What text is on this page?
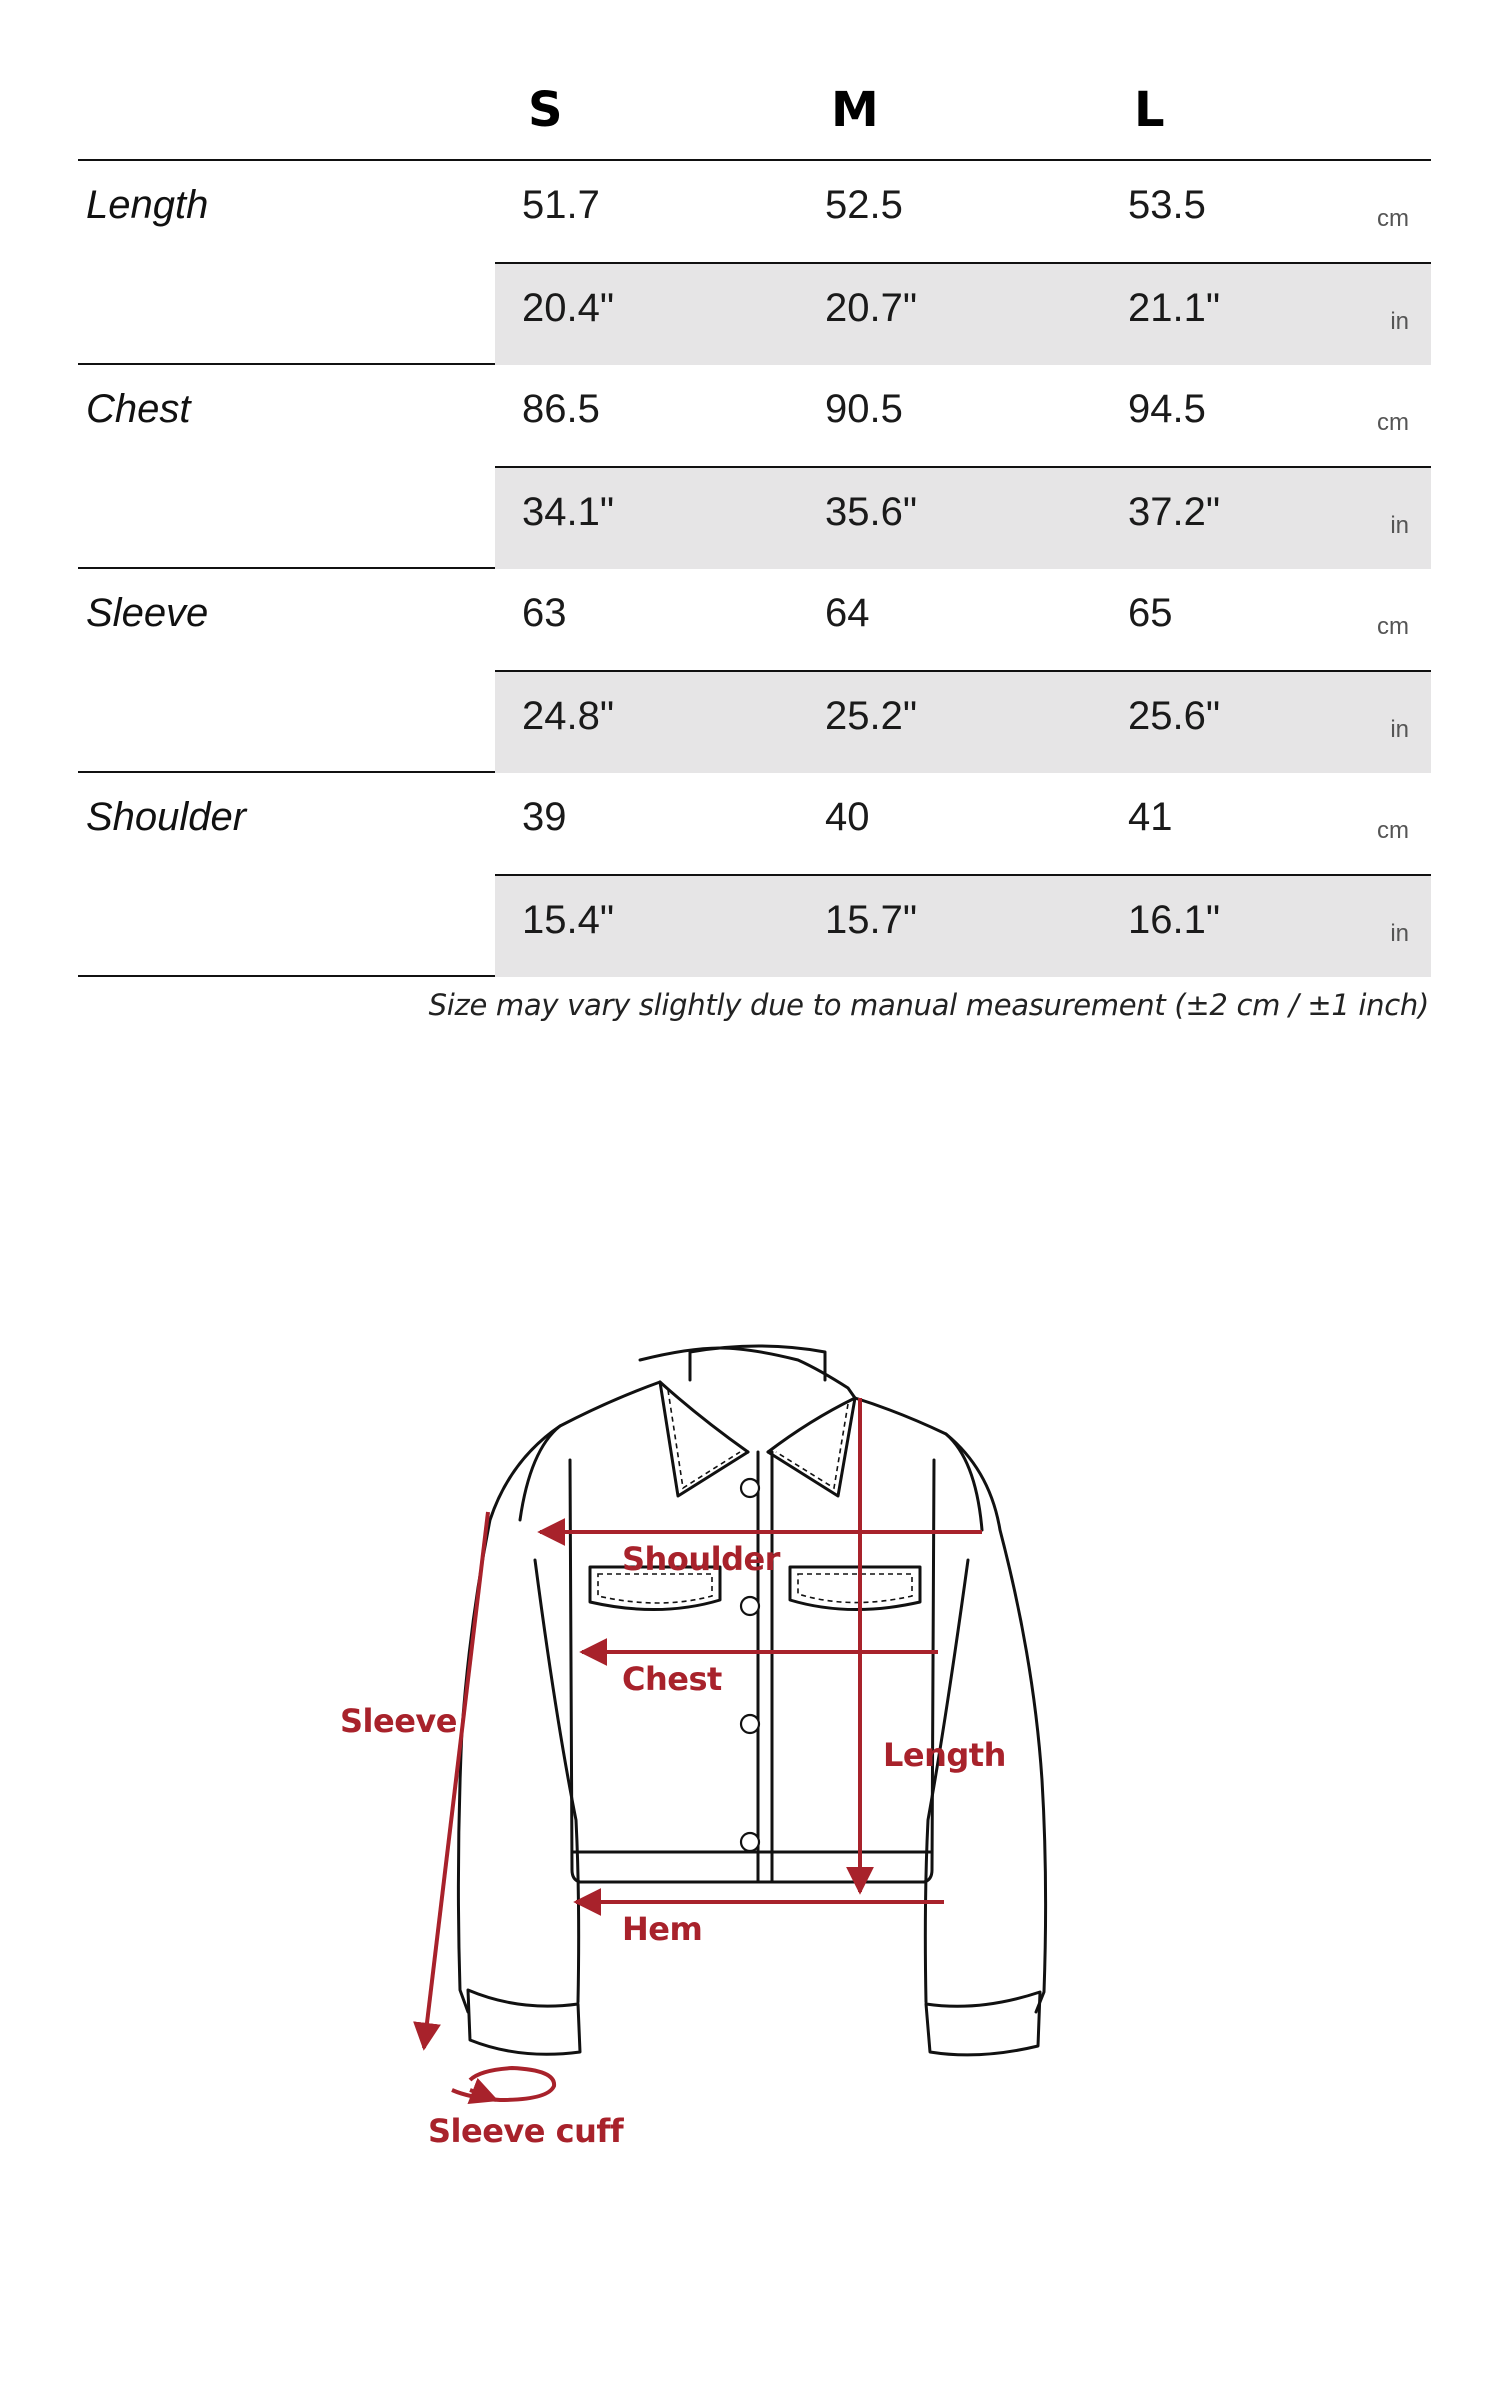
S	M	L
Length	51.7	52.5	53.5	cm
20.4"	20.7"	21.1"	in
Chest	86.5	90.5	94.5	cm
34.1"	35.6"	37.2"	in
Sleeve	63	64	65	cm
24.8"	25.2"	25.6"	in
Shoulder	39	40	41	cm
15.4"	15.7"	16.1"	in
Size may vary slightly due to manual measurement (±2 cm / ±1 inch)
Shoulder
Chest
Length
Sleeve
Hem
Sleeve cuff
